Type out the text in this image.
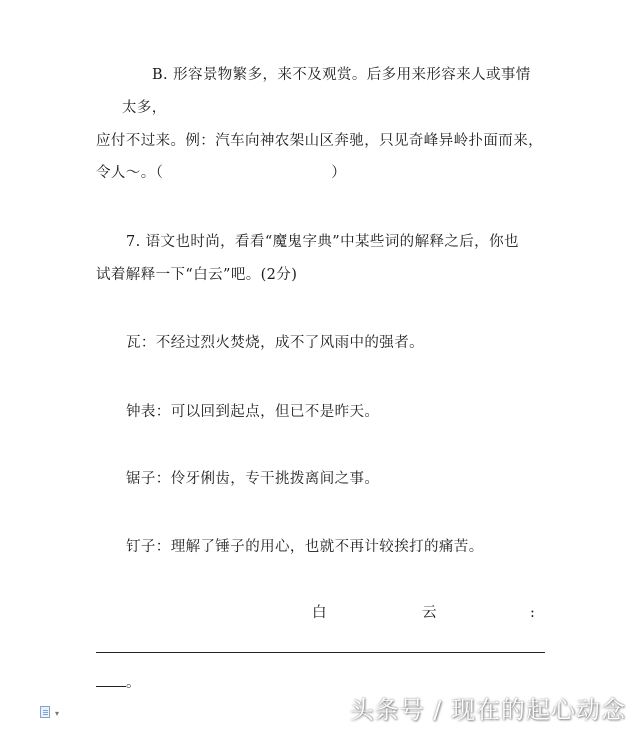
B. 形容景物繁多，来不及观赏。后多用来形容来人或事情
太多，
应付不过来。例：汽车向神农架山区奔驰，只见奇峰异岭扑面而来，
令人～。（	）
7. 语文也时尚，看看“魔鬼字典”中某些词的解释之后，你也
试着解释一下“白云”吧。(2分)
瓦：不经过烈火焚烧，成不了风雨中的强者。
钟表：可以回到起点，但已不是昨天。
锯子：伶牙俐齿，专干挑拨离间之事。
钉子：理解了锤子的用心，也就不再计较挨打的痛苦。
白	云	:
。
▾	头条号 / 现在的起心动念
